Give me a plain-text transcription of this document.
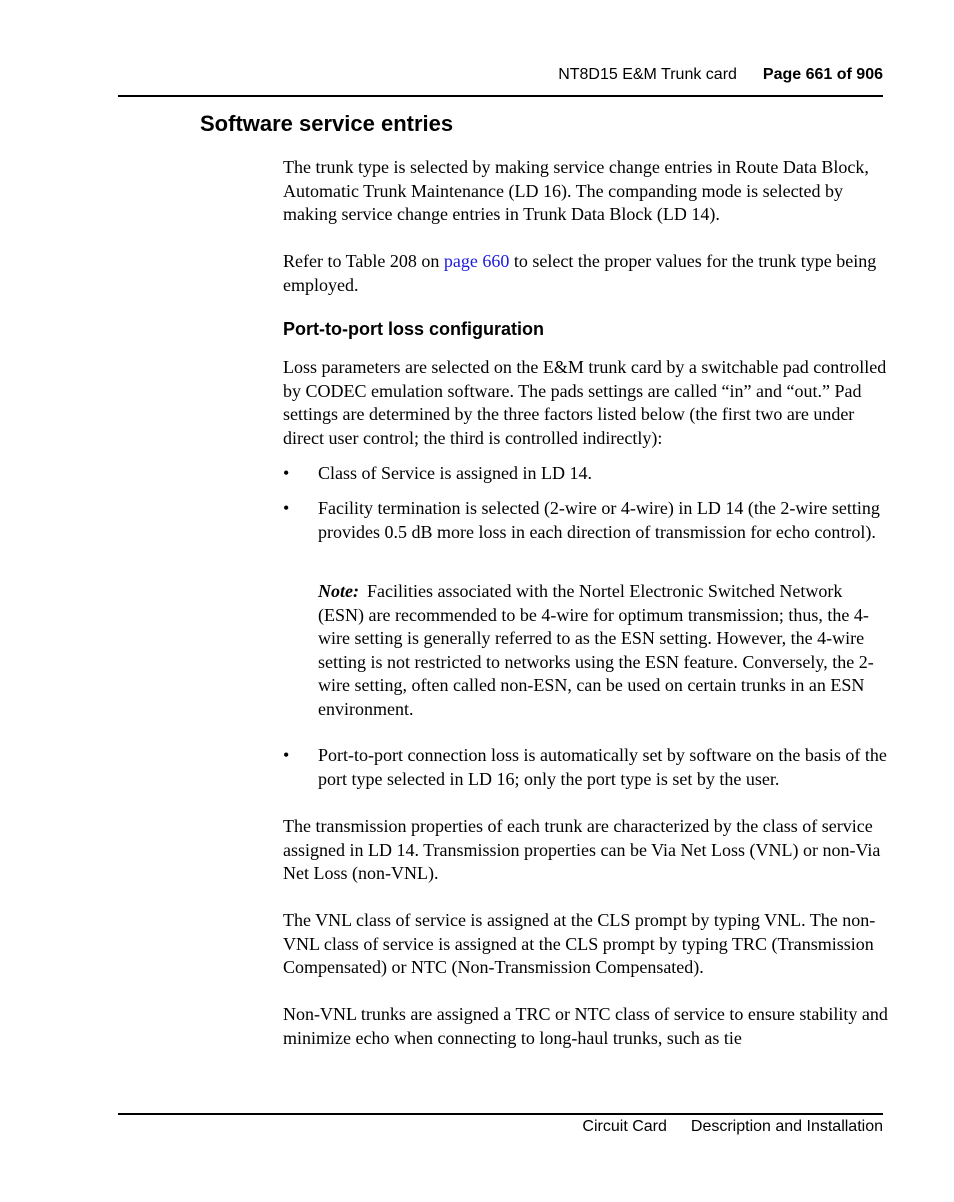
NT8D15 E&M Trunk card Page 661 of 906
Software service entries

The trunk type is selected by making service change entries in Route Data Block, Automatic Trunk Maintenance (LD 16). The companding mode is selected by making service change entries in Trunk Data Block (LD 14).

Refer to Table 208 on page 660 to select the proper values for the trunk type being employed.

Port-to-port loss configuration

Loss parameters are selected on the E&M trunk card by a switchable pad controlled by CODEC emulation software. The pads settings are called “in” and “out.” Pad settings are determined by the three factors listed below (the first two are under direct user control; the third is controlled indirectly):

• Class of Service is assigned in LD 14.

• Facility termination is selected (2-wire or 4-wire) in LD 14 (the 2-wire setting provides 0.5 dB more loss in each direction of transmission for echo control).

Note: Facilities associated with the Nortel Electronic Switched Network (ESN) are recommended to be 4-wire for optimum transmission; thus, the 4-wire setting is generally referred to as the ESN setting. However, the 4-wire setting is not restricted to networks using the ESN feature. Conversely, the 2-wire setting, often called non-ESN, can be used on certain trunks in an ESN environment.

• Port-to-port connection loss is automatically set by software on the basis of the port type selected in LD 16; only the port type is set by the user.

The transmission properties of each trunk are characterized by the class of service assigned in LD 14. Transmission properties can be Via Net Loss (VNL) or non-Via Net Loss (non-VNL).

The VNL class of service is assigned at the CLS prompt by typing VNL. The non-VNL class of service is assigned at the CLS prompt by typing TRC (Transmission Compensated) or NTC (Non-Transmission Compensated).

Non-VNL trunks are assigned a TRC or NTC class of service to ensure stability and minimize echo when connecting to long-haul trunks, such as tie

Circuit Card Description and Installation
